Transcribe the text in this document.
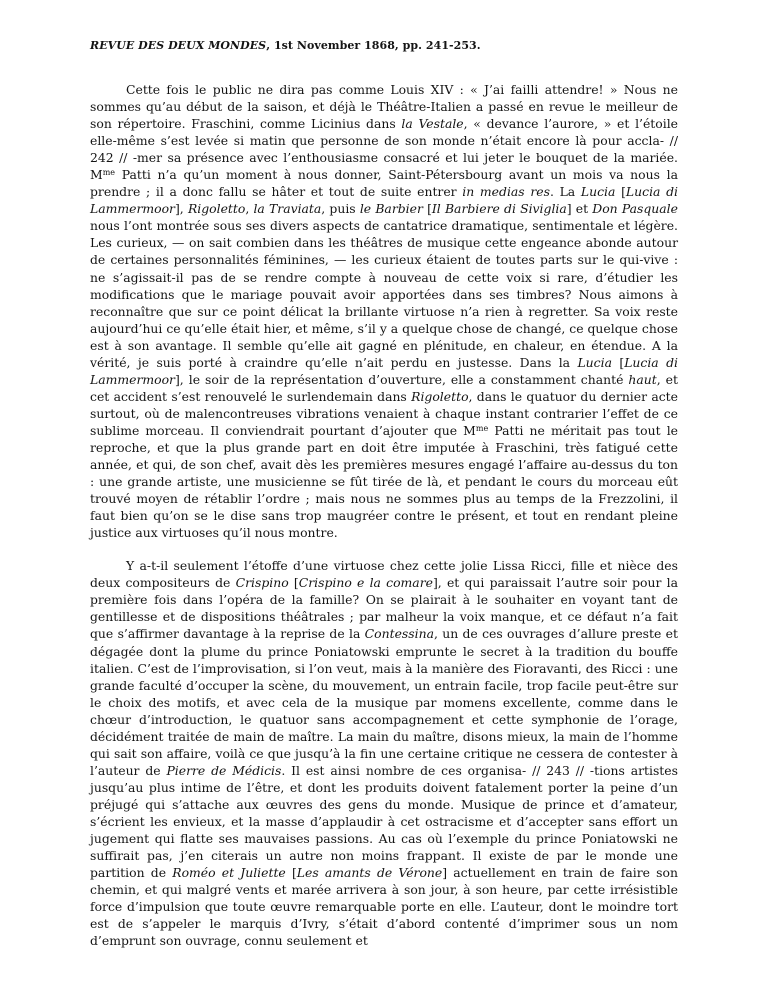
REVUE DES DEUX MONDES, 1st November 1868, pp. 241-253.

Cette fois le public ne dira pas comme Louis XIV : « J’ai failli attendre! » Nous ne sommes qu’au début de la saison, et déjà le Théâtre-Italien a passé en revue le meilleur de son répertoire. Fraschini, comme Licinius dans la Vestale, « devance l’aurore, » et l’étoile elle-même s’est levée si matin que personne de son monde n’était encore là pour accla- // 242 // -mer sa présence avec l’enthousiasme consacré et lui jeter le bouquet de la mariée. $M^{me}$ Patti n’a qu’un moment à nous donner, Saint-Pétersbourg avant un mois va nous la prendre ; il a donc fallu se hâter et tout de suite entrer in medias res. La Lucia [Lucia di Lammermoor], Rigoletto, la Traviata, puis le Barbier [Il Barbiere di Siviglia] et Don Pasquale nous l’ont montrée sous ses divers aspects de cantatrice dramatique, sentimentale et légère. Les curieux, — on sait combien dans les théâtres de musique cette engeance abonde autour de certaines personnalités féminines, — les curieux étaient de toutes parts sur le qui-vive : ne s’agissait-il pas de se rendre compte à nouveau de cette voix si rare, d’étudier les modifications que le mariage pouvait avoir apportées dans ses timbres? Nous aimons à reconnaître que sur ce point délicat la brillante virtuose n’a rien à regretter. Sa voix reste aujourd’hui ce qu’elle était hier, et même, s’il y a quelque chose de changé, ce quelque chose est à son avantage. Il semble qu’elle ait gagné en plénitude, en chaleur, en étendue. A la vérité, je suis porté à craindre qu’elle n’ait perdu en justesse. Dans la Lucia [Lucia di Lammermoor], le soir de la représentation d’ouverture, elle a constamment chanté haut, et cet accident s’est renouvelé le surlendemain dans Rigoletto, dans le quatuor du dernier acte surtout, où de malencontreuses vibrations venaient à chaque instant contrarier l’effet de ce sublime morceau. Il conviendrait pourtant d’ajouter que $M^{me}$ Patti ne méritait pas tout le reproche, et que la plus grande part en doit être imputée à Fraschini, très fatigué cette année, et qui, de son chef, avait dès les premières mesures engagé l’affaire au-dessus du ton : une grande artiste, une musicienne se fût tirée de là, et pendant le cours du morceau eût trouvé moyen de rétablir l’ordre ; mais nous ne sommes plus au temps de la Frezzolini, il faut bien qu’on se le dise sans trop maugréer contre le présent, et tout en rendant pleine justice aux virtuoses qu’il nous montre.

Y a-t-il seulement l’étoffe d’une virtuose chez cette jolie Lissa Ricci, fille et nièce des deux compositeurs de Crispino [Crispino e la comare], et qui paraissait l’autre soir pour la première fois dans l’opéra de la famille? On se plairait à le souhaiter en voyant tant de gentillesse et de dispositions théâtrales ; par malheur la voix manque, et ce défaut n’a fait que s’affirmer davantage à la reprise de la Contessina, un de ces ouvrages d’allure preste et dégagée dont la plume du prince Poniatowski emprunte le secret à la tradition du bouffe italien. C’est de l’improvisation, si l’on veut, mais à la manière des Fioravanti, des Ricci : une grande faculté d’occuper la scène, du mouvement, un entrain facile, trop facile peut-être sur le choix des motifs, et avec cela de la musique par momens excellente, comme dans le chœur d’introduction, le quatuor sans accompagnement et cette symphonie de l’orage, décidément traitée de main de maître. La main du maître, disons mieux, la main de l’homme qui sait son affaire, voilà ce que jusqu’à la fin une certaine critique ne cessera de contester à l’auteur de Pierre de Médicis. Il est ainsi nombre de ces organisa- // 243 // -tions artistes jusqu’au plus intime de l’être, et dont les produits doivent fatalement porter la peine d’un préjugé qui s’attache aux œuvres des gens du monde. Musique de prince et d’amateur, s’écrient les envieux, et la masse d’applaudir à cet ostracisme et d’accepter sans effort un jugement qui flatte ses mauvaises passions. Au cas où l’exemple du prince Poniatowski ne suffirait pas, j’en citerais un autre non moins frappant. Il existe de par le monde une partition de Roméo et Juliette [Les amants de Vérone] actuellement en train de faire son chemin, et qui malgré vents et marée arrivera à son jour, à son heure, par cette irrésistible force d’impulsion que toute œuvre remarquable porte en elle. L’auteur, dont le moindre tort est de s’appeler le marquis d’Ivry, s’était d’abord contenté d’imprimer sous un nom d’emprunt son ouvrage, connu seulement et
